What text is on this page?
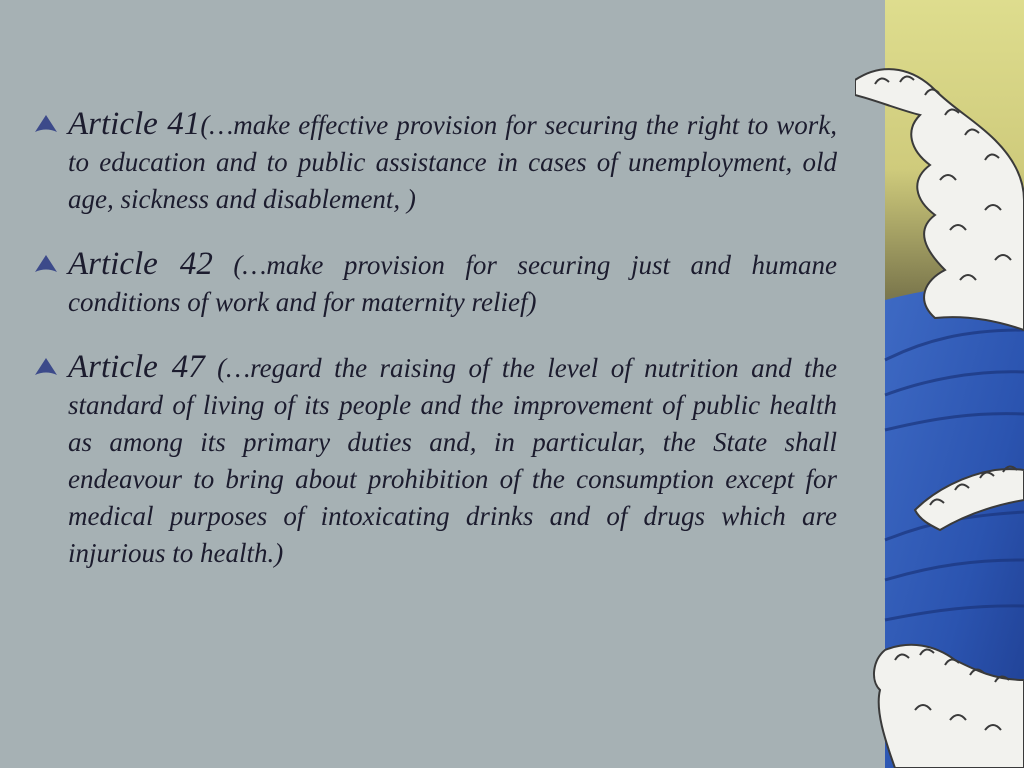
Article 41(…make effective provision for securing the right to work, to education and to public assistance in cases of unemployment, old age, sickness and disablement, )
Article 42 (…make provision for securing just and humane conditions of work and for maternity relief)
Article 47 (…regard the raising of the level of nutrition and the standard of living of its people and the improvement of public health as among its primary duties and, in particular, the State shall endeavour to bring about prohibition of the consumption except for medical purposes of intoxicating drinks and of drugs which are injurious to health.)
